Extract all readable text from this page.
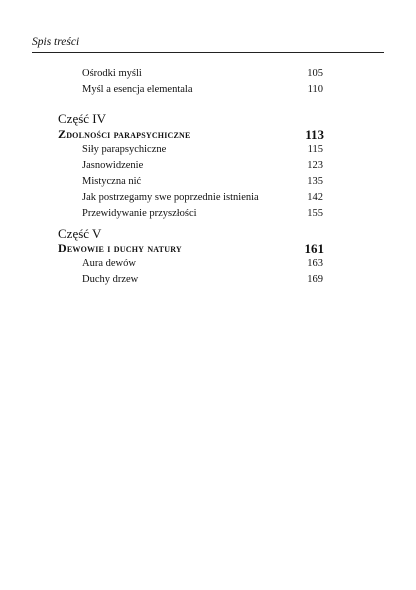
Spis treści
Ośrodki myśli	105
Myśl a esencja elementala	110
Część IV
Zdolności parapsychiczne	113
Siły parapsychiczne	115
Jasnowidzenie	123
Mistyczna nić	135
Jak postrzegamy swe poprzednie istnienia	142
Przewidywanie przyszłości	155
Część V
Dewowie i duchy natury	161
Aura dewów	163
Duchy drzew	169
